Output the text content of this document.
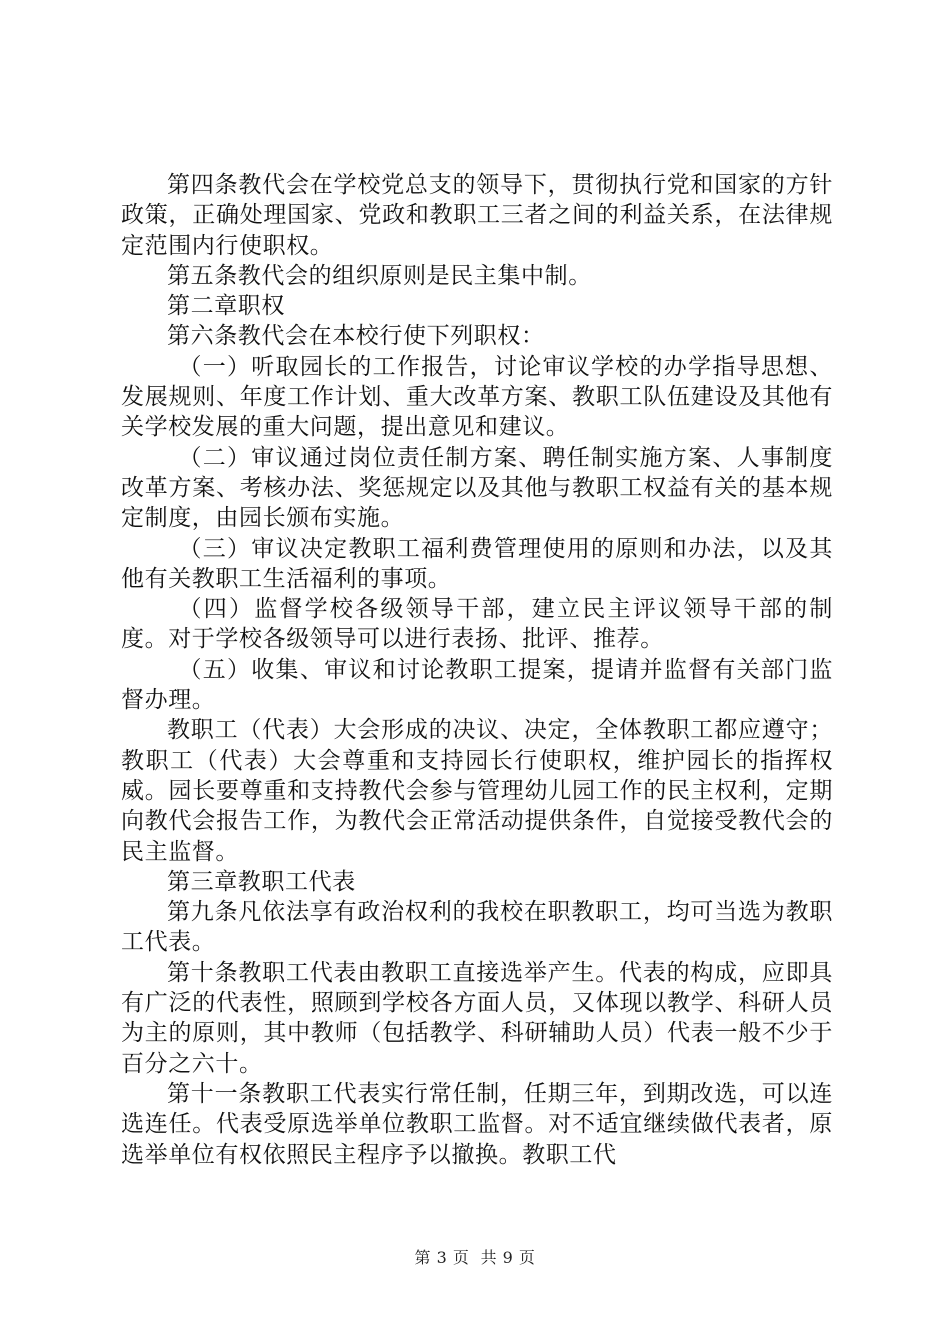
第四条教代会在学校党总支的领导下，贯彻执行党和国家的方针政策，正确处理国家、党政和教职工三者之间的利益关系，在法律规定范围内行使职权。

第五条教代会的组织原则是民主集中制。

第二章职权

第六条教代会在本校行使下列职权：

（一）听取园长的工作报告，讨论审议学校的办学指导思想、发展规则、年度工作计划、重大改革方案、教职工队伍建设及其他有关学校发展的重大问题，提出意见和建议。

（二）审议通过岗位责任制方案、聘任制实施方案、人事制度改革方案、考核办法、奖惩规定以及其他与教职工权益有关的基本规定制度，由园长颁布实施。

（三）审议决定教职工福利费管理使用的原则和办法，以及其他有关教职工生活福利的事项。

（四）监督学校各级领导干部，建立民主评议领导干部的制度。对于学校各级领导可以进行表扬、批评、推荐。

（五）收集、审议和讨论教职工提案，提请并监督有关部门监督办理。

教职工（代表）大会形成的决议、决定，全体教职工都应遵守；教职工（代表）大会尊重和支持园长行使职权，维护园长的指挥权威。园长要尊重和支持教代会参与管理幼儿园工作的民主权利，定期向教代会报告工作，为教代会正常活动提供条件，自觉接受教代会的民主监督。

第三章教职工代表

第九条凡依法享有政治权利的我校在职教职工，均可当选为教职工代表。

第十条教职工代表由教职工直接选举产生。代表的构成，应即具有广泛的代表性，照顾到学校各方面人员，又体现以教学、科研人员为主的原则，其中教师（包括教学、科研辅助人员）代表一般不少于百分之六十。

第十一条教职工代表实行常任制，任期三年，到期改选，可以连选连任。代表受原选举单位教职工监督。对不适宜继续做代表者，原选举单位有权依照民主程序予以撤换。教职工代

第 3 页  共 9 页
